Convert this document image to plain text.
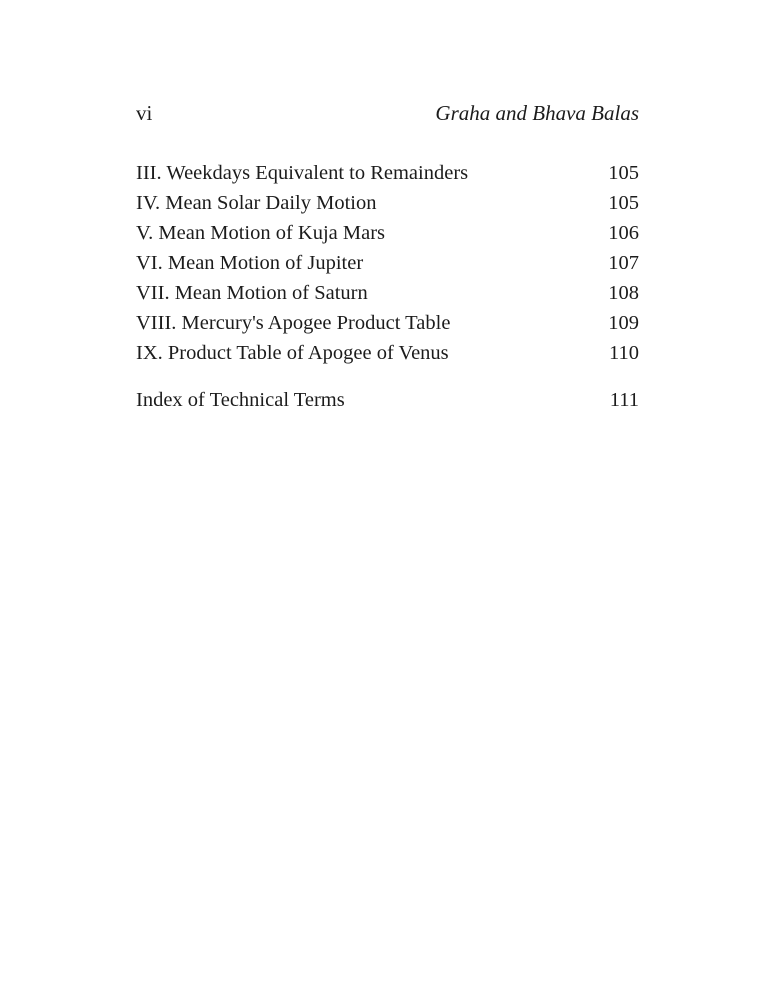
vi	Graha and Bhava Balas
III. Weekdays Equivalent to Remainders	105
IV. Mean Solar Daily Motion	105
V. Mean Motion of Kuja Mars	106
VI. Mean Motion of Jupiter	107
VII. Mean Motion of Saturn	108
VIII. Mercury's Apogee Product Table	109
IX. Product Table of Apogee of Venus	110
Index of Technical Terms	111
